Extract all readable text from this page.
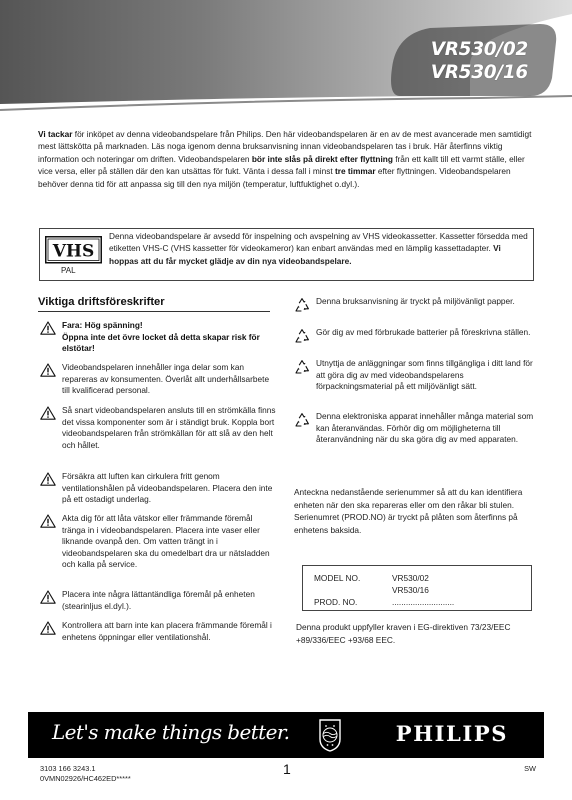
VR530/02
VR530/16
Vi tackar för inköpet av denna videobandspelare från Philips. Den här videobandspelaren är en av de mest avancerade men samtidigt mest lättskötta på marknaden. Läs noga igenom denna bruksanvisning innan videobandspelaren tas i bruk. Här återfinns viktig information och noteringar om driften. Videobandspelaren bör inte slås på direkt efter flyttning från ett kallt till ett varmt ställe, eller vice versa, eller på ställen där den kan utsättas för fukt. Vänta i dessa fall i minst tre timmar efter flyttningen. Videobandspelaren behöver denna tid för att anpassa sig till den nya miljön (temperatur, luftfuktighet o.dyl.).
VHS
PAL
Denna videobandspelare är avsedd för inspelning och avspelning av VHS videokassetter. Kassetter försedda med etiketten VHS-C (VHS kassetter för videokameror) kan enbart användas med en lämplig kassettadapter. Vi hoppas att du får mycket glädje av din nya videobandspelare.
Viktiga driftsföreskrifter
Fara: Hög spänning!
Öppna inte det övre locket då detta skapar risk för elstötar!
Videobandspelaren innehåller inga delar som kan repareras av konsumenten. Överlåt allt underhållsarbete till kvalificerad personal.
Så snart videobandspelaren ansluts till en strömkälla finns det vissa komponenter som är i ständigt bruk. Koppla bort videobandspelaren från strömkällan för att slå av den helt och hållet.
Försäkra att luften kan cirkulera fritt genom ventilationshålen på videobandspelaren. Placera den inte på ett ostadigt underlag.
Akta dig för att låta vätskor eller främmande föremål tränga in i videobandspelaren. Placera inte vaser eller liknande ovanpå den. Om vatten trängt in i videobandspelaren ska du omedelbart dra ur nätsladden och kalla på service.
Placera inte några lättantändliga föremål på enheten (stearinljus el.dyl.).
Kontrollera att barn inte kan placera främmande föremål i enhetens öppningar eller ventilationshål.
Denna bruksanvisning är tryckt på miljövänligt papper.
Gör dig av med förbrukade batterier på föreskrivna ställen.
Utnyttja de anläggningar som finns tillgängliga i ditt land för att göra dig av med videobandspelarens förpackningsmaterial på ett miljövänligt sätt.
Denna elektroniska apparat innehåller många material som kan återanvändas. Förhör dig om möjligheterna till återanvändning när du ska göra dig av med apparaten.
Anteckna nedanstående serienummer så att du kan identifiera enheten när den ska repareras eller om den råkar bli stulen. Serienumret (PROD.NO) är tryckt på plåten som återfinns på enhetens baksida.
MODEL NO.	VR530/02
VR530/16
PROD. NO.	...........................
Denna produkt uppfyller kraven i EG-direktiven 73/23/EEC +89/336/EEC +93/68 EEC.
Let's make things better.	PHILIPS
3103 166 3243.1
0VMN02926/HC462ED*****
1	SW
